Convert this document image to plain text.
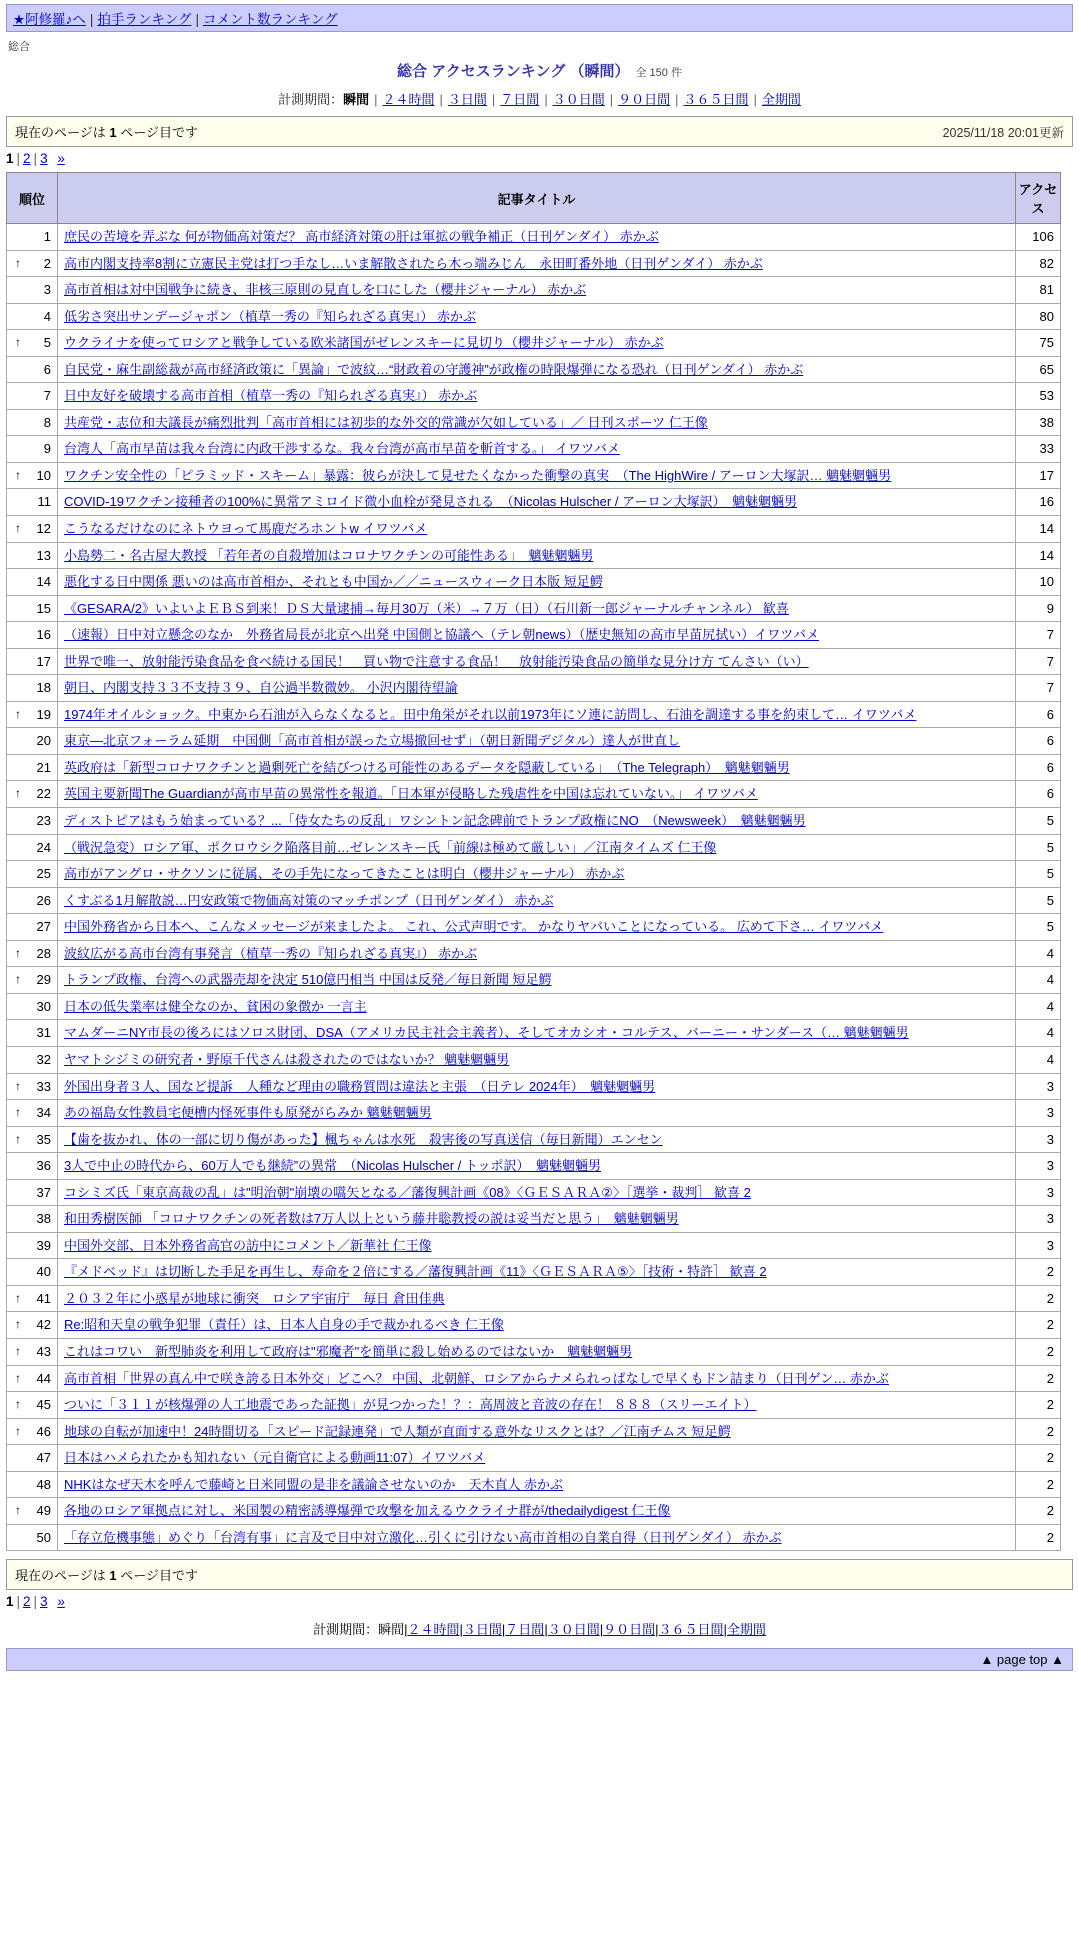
★阿修羅♪へ | 拍手ランキング | コメント数ランキング
総合
総合 アクセスランキング （瞬間） 全 150 件
計測期間：瞬間 | ２４時間 | ３日間 | ７日間 | ３０日間 | ９０日間 | ３６５日間 | 全期間
現在のページは 1 ページ目です	2025/11/18 20:01更新
1 | 2 | 3 »
順位	記事タイトル	アクセス
1	庶民の苦境を弄ぶな 何が物価高対策だ？ 高市経済対策の肝は軍拡の戦争補正（日刊ゲンダイ） 赤かぶ	106

↑ 2	高市内閣支持率8割に立憲民主党は打つ手なし…いま解散されたら木っ端みじん　永田町番外地（日刊ゲンダイ） 赤かぶ	82
3	高市首相は対中国戦争に続き、非核三原則の見直しを口にした（櫻井ジャーナル） 赤かぶ	81
4	低劣さ突出サンデージャポン（植草一秀の『知られざる真実』） 赤かぶ	80

↑ 5	ウクライナを使ってロシアと戦争している欧米諸国がゼレンスキーに見切り（櫻井ジャーナル） 赤かぶ	75
6	自民党・麻生副総裁が高市経済政策に「異論」で波紋…“財政着の守護神”が政権の時限爆弾になる恐れ（日刊ゲンダイ） 赤かぶ	65
7	日中友好を破壊する高市首相（植草一秀の『知られざる真実』） 赤かぶ	53
8	共産党・志位和夫議長が痛烈批判「高市首相には初歩的な外交的常識が欠如している」／ 日刊スポーツ 仁王像	38
9	台湾人「高市早苗は我々台湾に内政干渉するな。我々台湾が高市早苗を斬首する。」 イワツバメ	33

↑ 10	ワクチン安全性の「ピラミッド・スキーム」暴露：彼らが決して見せたくなかった衝撃の真実　（The HighWire / アーロン大塚訳… 魑魅魍魎男	17
11	COVID-19ワクチン接種者の100%に異常アミロイド微小血栓が発見される　（Nicolas Hulscher / アーロン大塚訳）　魑魅魍魎男	16

↑ 12	こうなるだけなのにネトウヨって馬鹿だろホントw イワツバメ	14
13	小島勢二・名古屋大教授 「若年者の自殺増加はコロナワクチンの可能性ある」　魑魅魍魎男	14
14	悪化する日中関係 悪いのは高市首相か、それとも中国か／／ニュースウィーク日本版 短足鰐	10
15	《GESARA/2》いよいよＥＢＳ到来！ＤＳ大量逮捕→毎月30万（米）→７万（日）（石川新一郎ジャーナルチャンネル） 歓喜	9
16	（速報）日中対立懸念のなか　外務省局長が北京へ出発 中国側と協議へ（テレ朝news）（歴史無知の高市早苗尻拭い）イワツバメ	7
17	世界で唯一、放射能汚染食品を食べ続ける国民！　買い物で注意する食品！　放射能汚染食品の簡単な見分け方 てんさい（い）	7
18	朝日、内閣支持３３不支持３９、自公過半数微妙。 小沢内閣待望論	7

↑ 19	1974年オイルショック。中東から石油が入らなくなると。田中角栄がそれ以前1973年にソ連に訪問し、石油を調達する事を約束して… イワツバメ	6
20	東京―北京フォーラム延期　中国側「高市首相が誤った立場撤回せず」（朝日新聞デジタル）達人が世直し	6
21	英政府は「新型コロナワクチンと過剰死亡を結びつける可能性のあるデータを隠蔽している」　（The Telegraph）　魑魅魍魎男	6

↑ 22	英国主要新聞The Guardianが高市早苗の異常性を報道。「日本軍が侵略した残虐性を中国は忘れていない。」 イワツバメ	6
23	ディストピアはもう始まっている？...「侍女たちの反乱」ワシントン記念碑前でトランプ政権にNO　（Newsweek）　魑魅魍魎男	5
24	（戦況急変）ロシア軍、ポクロウシク陥落目前…ゼレンスキー氏「前線は極めて厳しい」／江南タイムズ 仁王像	5
25	高市がアングロ・サクソンに従属、その手先になってきたことは明白（櫻井ジャーナル） 赤かぶ	5
26	くすぶる1月解散説…円安政策で物価高対策のマッチポンプ（日刊ゲンダイ） 赤かぶ	5
27	中国外務省から日本へ、こんなメッセージが来ましたよ。 これ、公式声明です。 かなりヤバいことになっている。 広めて下さ… イワツバメ	5

↑ 28	波紋広がる高市台湾有事発言（植草一秀の『知られざる真実』） 赤かぶ	4

↑ 29	トランプ政権、台湾への武器売却を決定 510億円相当 中国は反発／毎日新聞 短足鰐	4
30	日本の低失業率は健全なのか、貧困の象徴か 一言主	4
31	マムダーニNY市長の後ろにはソロス財団、DSA（アメリカ民主社会主義者）、そしてオカシオ・コルテス、バーニー・サンダース（… 魑魅魍魎男	4
32	ヤマトシジミの研究者・野原千代さんは殺されたのではないか？ 魑魅魍魎男	4

↑ 33	外国出身者３人、国など提訴　人種など理由の職務質問は違法と主張　（日テレ 2024年）　魑魅魍魎男	3

↑ 34	あの福島女性教員宅便槽内怪死事件も原発がらみか 魑魅魍魎男	3

↑ 35	【歯を抜かれ、体の一部に切り傷があった】楓ちゃんは水死　殺害後の写真送信（毎日新聞）エンセン	3
36	3人で中止の時代から、60万人でも継続”の異常　（Nicolas Hulscher / トッポ訳）　魑魅魍魎男	3
37	コシミズ氏「東京高裁の乱」は"明治朝"崩壊の嚆矢となる／藩復興計画《08》〈ＧＥＳＡＲＡ②〉［選挙・裁判］ 歓喜 2	3
38	和田秀樹医師 「コロナワクチンの死者数は7万人以上という藤井聡教授の説は妥当だと思う」　魑魅魍魎男	3
39	中国外交部、日本外務省高官の訪中にコメント／新華社 仁王像	3
40	『メドベッド』は切断した手足を再生し、寿命を２倍にする／藩復興計画《11》〈ＧＥＳＡＲＡ⑤〉［技術・特許］ 歓喜 2	2

↑ 41	２０３２年に小惑星が地球に衝突　ロシア宇宙庁　毎日 倉田佳典	2

↑ 42	Re:昭和天皇の戦争犯罪（責任）は、日本人自身の手で裁かれるべき 仁王像	2

↑ 43	これはコワい　新型肺炎を利用して政府は"邪魔者"を簡単に殺し始めるのではないか　魑魅魍魎男	2

↑ 44	高市首相「世界の真ん中で咲き誇る日本外交」どこへ？ 中国、北朝鮮、ロシアからナメられっぱなしで早くもドン詰まり（日刊ゲン… 赤かぶ	2

↑ 45	ついに「３１１が核爆弾の人工地震であった証拠」が見つかった！？：高周波と音波の存在！ ８８８（スリーエイト）	2

↑ 46	地球の自転が加速中！24時間切る「スピード記録連発」で人類が直面する意外なリスクとは？／江南チムス 短足鰐	2
47	日本はハメられたかも知れない（元自衛官による動画11:07）イワツバメ	2
48	NHKはなぜ天木を呼んで藤崎と日米同盟の是非を議論させないのか　天木直人 赤かぶ	2

↑ 49	各地のロシア軍拠点に対し、米国製の精密誘導爆弾で攻撃を加えるウクライナ群が/thedailydigest 仁王像	2
50	「存立危機事態」めぐり「台湾有事」に言及で日中対立激化…引くに引けない高市首相の自業自得（日刊ゲンダイ） 赤かぶ	2
現在のページは 1 ページ目です
1 | 2 | 3 »
計測期間：瞬間|２４時間|３日間|７日間|３０日間|９０日間|３６５日間|全期間
▲ page top ▲
